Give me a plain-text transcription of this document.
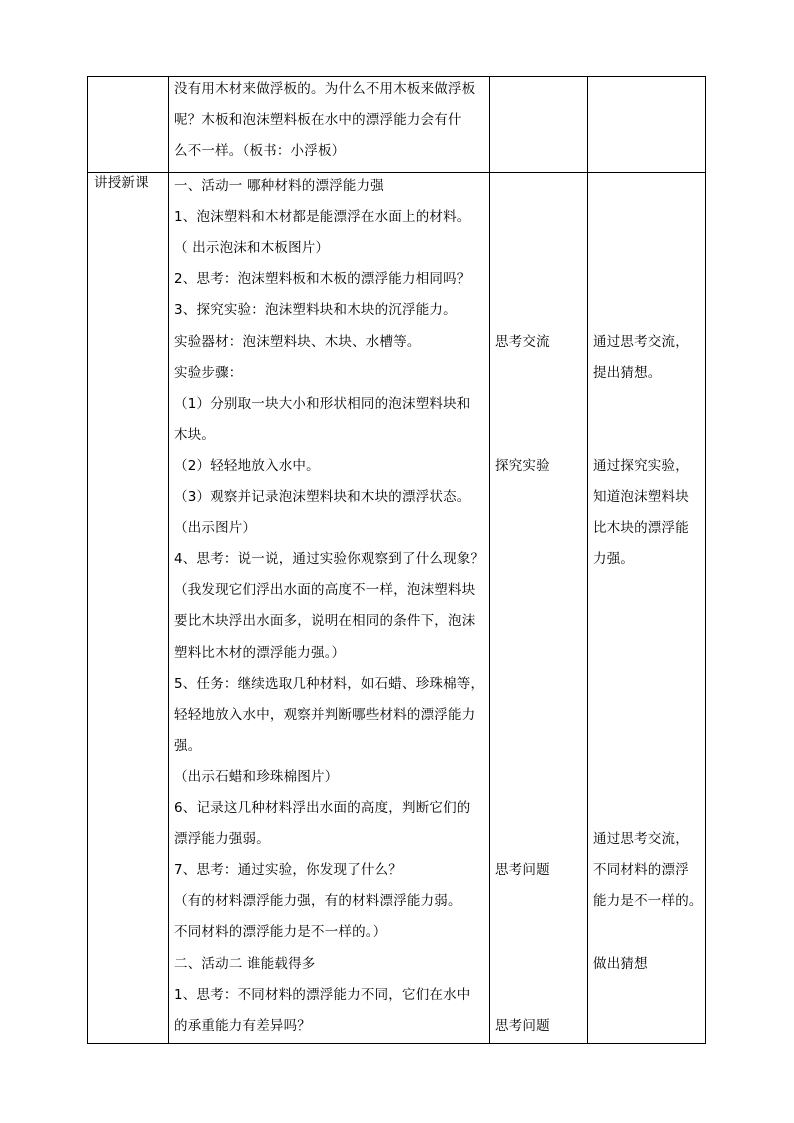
没有用木材来做浮板的。为什么不用木板来做浮板
呢？木板和泡沫塑料板在水中的漂浮能力会有什
么不一样。（板书：小浮板）
讲授新课 一、活动一 哪种材料的漂浮能力强
1、泡沫塑料和木材都是能漂浮在水面上的材料。
（ 出示泡沫和木板图片）
2、思考：泡沫塑料板和木板的漂浮能力相同吗？
3、探究实验：泡沫塑料块和木块的沉浮能力。
实验器材：泡沫塑料块、木块、水槽等。
实验步骤：
（1）分别取一块大小和形状相同的泡沫塑料块和
木块。
（2）轻轻地放入水中。
（3）观察并记录泡沫塑料块和木块的漂浮状态。
（出示图片）
4、思考：说一说，通过实验你观察到了什么现象？
（我发现它们浮出水面的高度不一样，泡沫塑料块
要比木块浮出水面多，说明在相同的条件下，泡沫
塑料比木材的漂浮能力强。）
5、任务：继续选取几种材料，如石蜡、珍珠棉等，
轻轻地放入水中，观察并判断哪些材料的漂浮能力
强。
（出示石蜡和珍珠棉图片）
6、记录这几种材料浮出水面的高度，判断它们的
漂浮能力强弱。
7、思考：通过实验，你发现了什么？
（有的材料漂浮能力强，有的材料漂浮能力弱。
不同材料的漂浮能力是不一样的。）
二、活动二 谁能载得多
1、思考：不同材料的漂浮能力不同，它们在水中
的承重能力有差异吗？
思考交流
探究实验
思考问题
思考问题
通过思考交流，
提出猜想。
通过探究实验，
知道泡沫塑料块
比木块的漂浮能
力强。
通过思考交流，
不同材料的漂浮
能力是不一样的。
做出猜想
